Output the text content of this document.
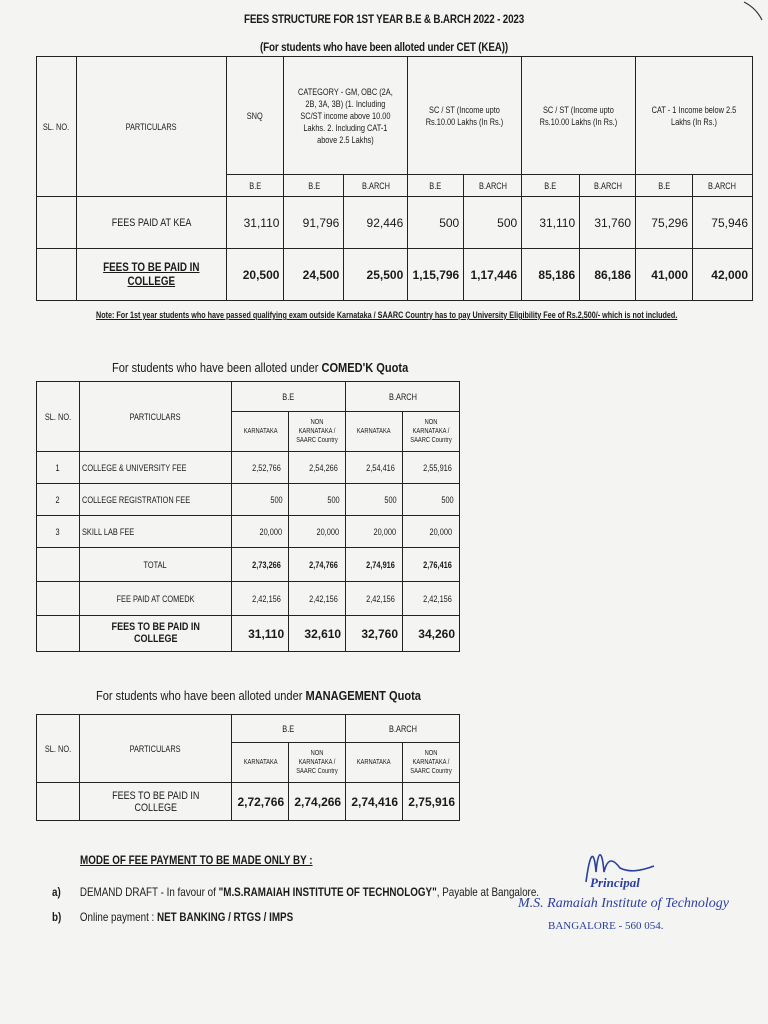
FEES STRUCTURE FOR 1ST YEAR B.E & B.ARCH 2022 - 2023
(For students who have been alloted under CET (KEA))
SL. NO.	PARTICULARS	SNQ	CATEGORY - GM, OBC (2A, 2B, 3A, 3B) (1. Including SC/ST income above 10.00 Lakhs. 2. Including CAT-1 above 2.5 Lakhs)		SC / ST (Income upto Rs.10.00 Lakhs (In Rs.)		SC / ST (Income upto Rs.10.00 Lakhs (In Rs.)		CAT - 1 Income below 2.5 Lakhs (In Rs.)	
		B.E	B.E	B.ARCH	B.E	B.ARCH	B.E	B.ARCH	B.E	B.ARCH
	FEES PAID AT KEA	31,110	91,796	92,446	500	500	31,110	31,760	75,296	75,946
	FEES TO BE PAID IN COLLEGE	20,500	24,500	25,500	1,15,796	1,17,446	85,186	86,186	41,000	42,000
Note: For 1st year students who have passed qualifying exam outside Karnataka / SAARC Country has to pay University Eligibility Fee of Rs.2,500/- which is not included.
For students who have been alloted under COMED'K Quota
SL. NO.	PARTICULARS	B.E		B.ARCH	
		KARNATAKA	NON KARNATAKA / SAARC Country	KARNATAKA	NON KARNATAKA / SAARC Country
1	COLLEGE & UNIVERSITY FEE	2,52,766	2,54,266	2,54,416	2,55,916
2	COLLEGE REGISTRATION FEE	500	500	500	500
3	SKILL LAB FEE	20,000	20,000	20,000	20,000
	TOTAL	2,73,266	2,74,766	2,74,916	2,76,416
	FEE PAID AT COMEDK	2,42,156	2,42,156	2,42,156	2,42,156
	FEES TO BE PAID IN COLLEGE	31,110	32,610	32,760	34,260
For students who have been alloted under MANAGEMENT Quota
SL. NO.	PARTICULARS	B.E		B.ARCH	
		KARNATAKA	NON KARNATAKA / SAARC Country	KARNATAKA	NON KARNATAKA / SAARC Country
	FEES TO BE PAID IN COLLEGE	2,72,766	2,74,266	2,74,416	2,75,916
MODE OF FEE PAYMENT TO BE MADE ONLY BY :
a) DEMAND DRAFT - In favour of "M.S.RAMAIAH INSTITUTE OF TECHNOLOGY", Payable at Bangalore.
b) Online payment : NET BANKING / RTGS / IMPS
Principal
M.S. Ramaiah Institute of Technology
BANGALORE - 560 054.
